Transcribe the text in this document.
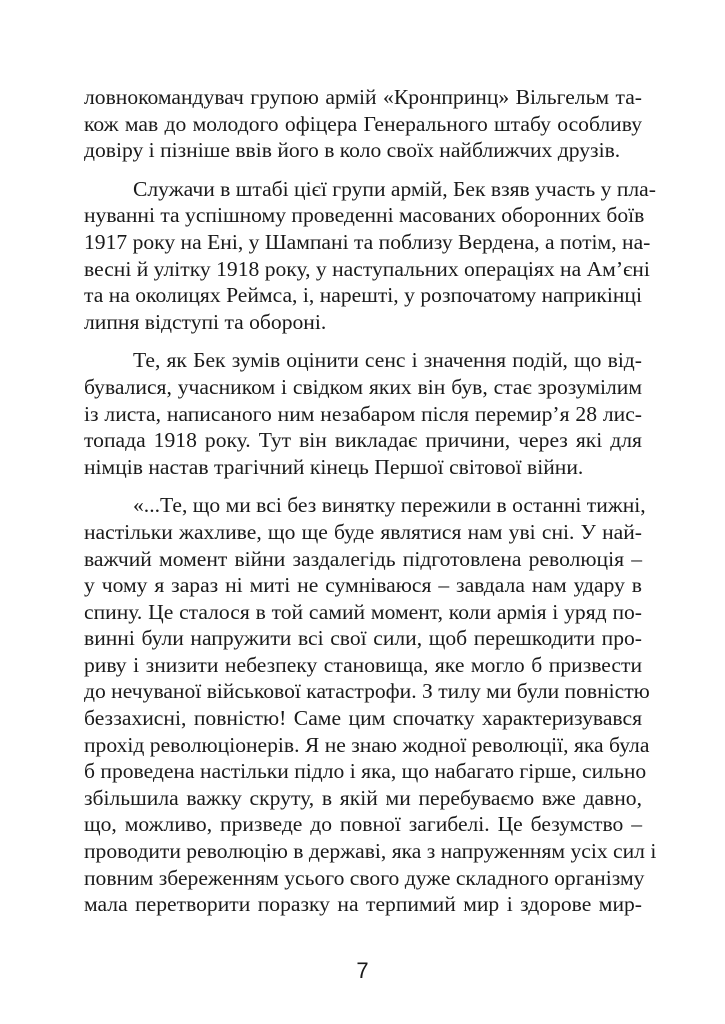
ловнокомандувач групою армій «Кронпринц» Вільгельм та-
кож мав до молодого офіцера Генерального штабу особливу
довіру і пізніше ввів його в коло своїх найближчих друзів.
Служачи в штабі цієї групи армій, Бек взяв участь у пла-
нуванні та успішному проведенні масованих оборонних боїв
1917 року на Ені, у Шампані та поблизу Вердена, а потім, на-
весні й улітку 1918 року, у наступальних операціях на Ам’єні
та на околицях Реймса, і, нарешті, у розпочатому наприкінці
липня відступі та обороні.
Те, як Бек зумів оцінити сенс і значення подій, що від-
бувалися, учасником і свідком яких він був, стає зрозумілим
із листа, написаного ним незабаром після перемир’я 28 лис-
топада 1918 року. Тут він викладає причини, через які для
німців настав трагічний кінець Першої світової війни.
«...Те, що ми всі без винятку пережили в останні тижні,
настільки жахливе, що ще буде являтися нам уві сні. У най-
важчий момент війни заздалегідь підготовлена революція –
у чому я зараз ні миті не сумніваюся – завдала нам удару в
спину. Це сталося в той самий момент, коли армія і уряд по-
винні були напружити всі свої сили, щоб перешкодити про-
риву і знизити небезпеку становища, яке могло б призвести
до нечуваної військової катастрофи. З тилу ми були повністю
беззахисні, повністю! Саме цим спочатку характеризувався
прохід революціонерів. Я не знаю жодної революції, яка була
б проведена настільки підло і яка, що набагато гірше, сильно
збільшила важку скруту, в якій ми перебуваємо вже давно,
що, можливо, призведе до повної загибелі. Це безумство –
проводити революцію в державі, яка з напруженням усіх сил і
повним збереженням усього свого дуже складного організму
мала перетворити поразку на терпимий мир і здорове мир-
7
